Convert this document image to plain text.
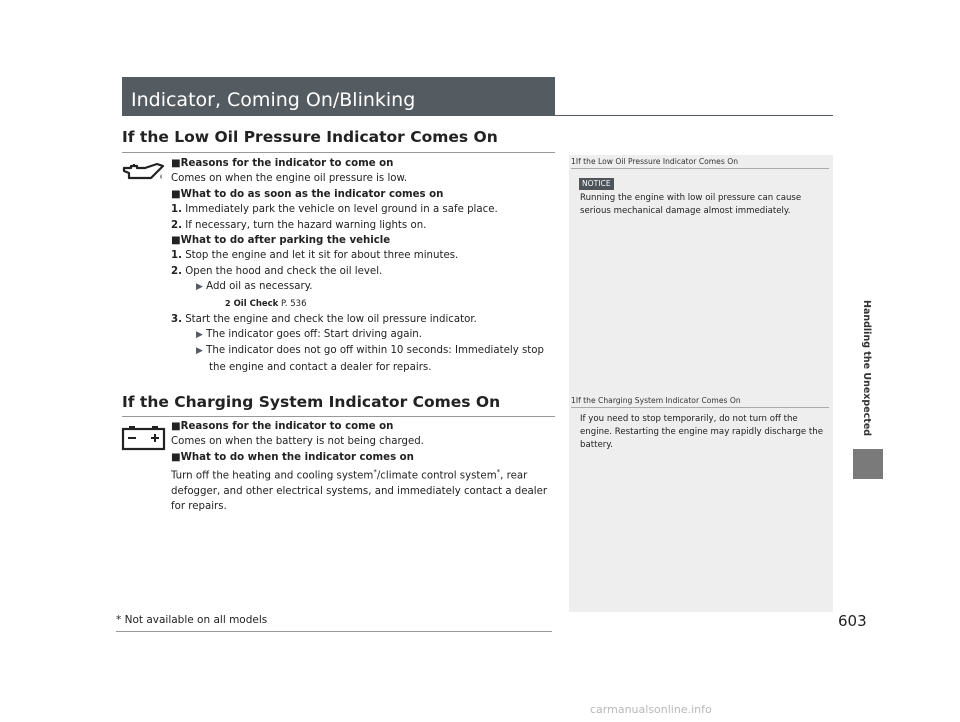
Indicator, Coming On/Blinking
If the Low Oil Pressure Indicator Comes On

■Reasons for the indicator to come on

Comes on when the engine oil pressure is low.

■What to do as soon as the indicator comes on

1. Immediately park the vehicle on level ground in a safe place.

2. If necessary, turn the hazard warning lights on.

■What to do after parking the vehicle

1. Stop the engine and let it sit for about three minutes.

2. Open the hood and check the oil level.

▶ Add oil as necessary.

2 Oil Check P. 536

3. Start the engine and check the low oil pressure indicator.

▶ The indicator goes off: Start driving again.

▶ The indicator does not go off within 10 seconds: Immediately stop the engine and contact a dealer for repairs.

If the Charging System Indicator Comes On

■Reasons for the indicator to come on

Comes on when the battery is not being charged.

■What to do when the indicator comes on

Turn off the heating and cooling system*/climate control system*, rear defogger, and other electrical systems, and immediately contact a dealer for repairs.

1If the Low Oil Pressure Indicator Comes On
NOTICE
Running the engine with low oil pressure can cause serious mechanical damage almost immediately.
1If the Charging System Indicator Comes On
If you need to stop temporarily, do not turn off the engine. Restarting the engine may rapidly discharge the battery.
Handling the Unexpected
* Not available on all models	603
carmanualsonline.info
